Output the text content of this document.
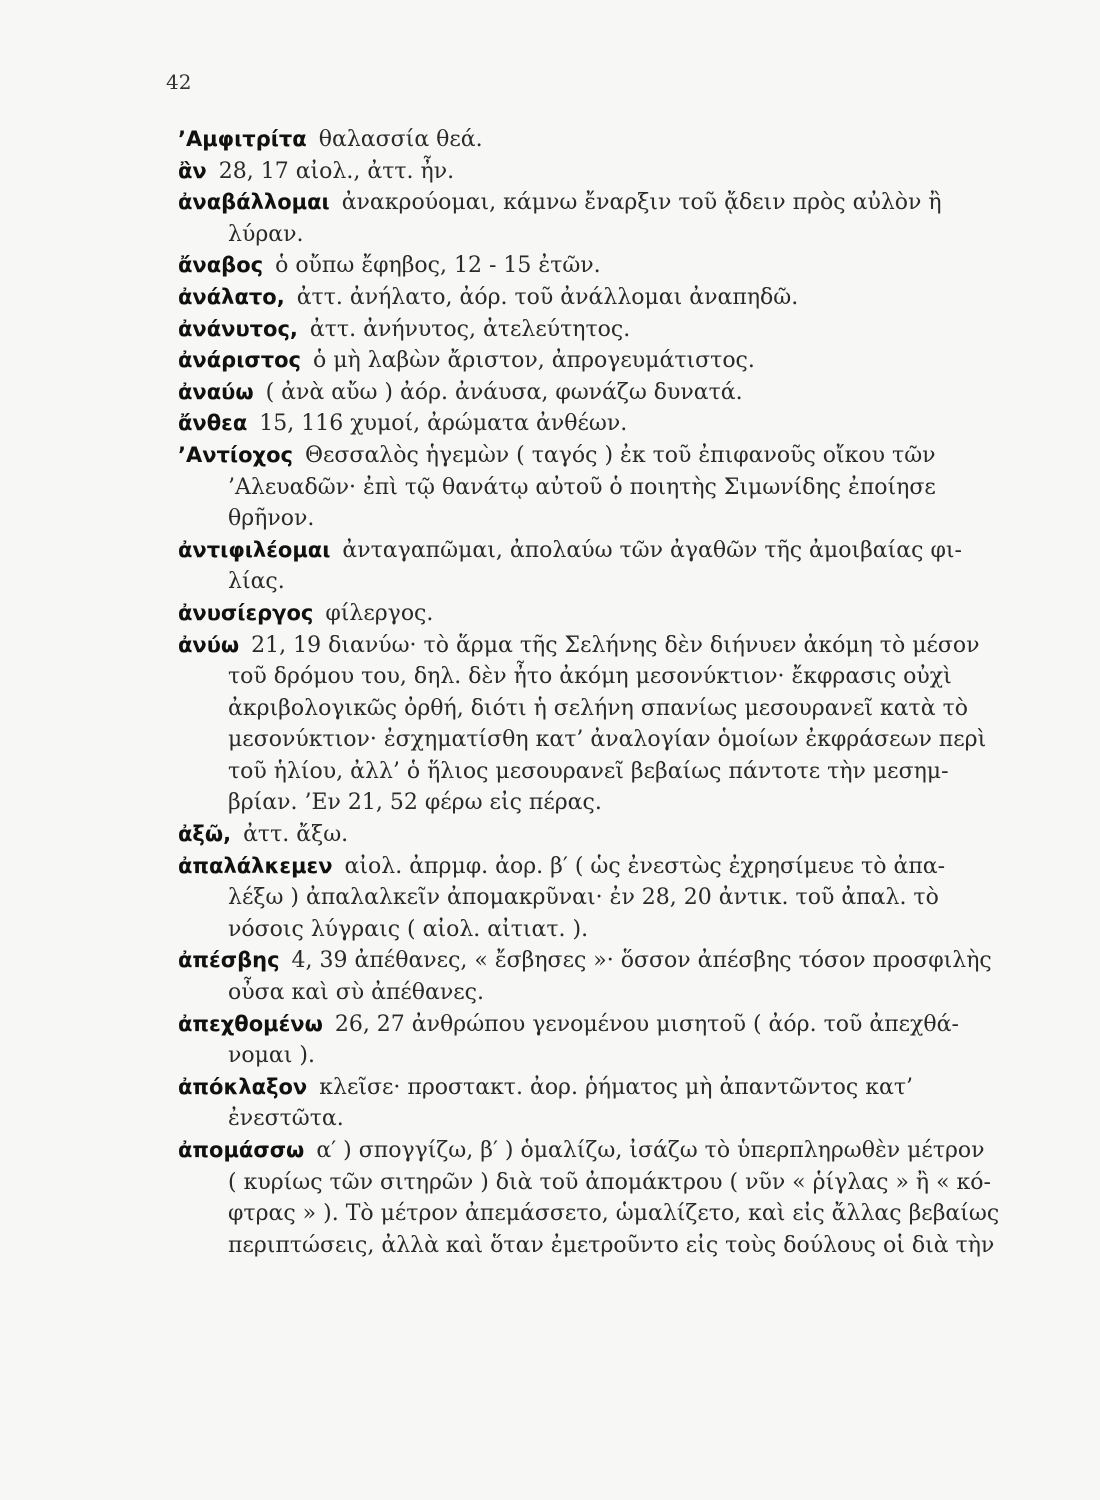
42
’Αμφιτρίτα θαλασσία θεά.
ἂν 28, 17 αἰολ., ἀττ. ἦν.
ἀναβάλλομαι ἀνακρούομαι, κάμνω ἔναρξιν τοῦ ᾄδειν πρὸς αὐλὸν ἢ
λύραν.
ἄναβος ὁ οὔπω ἔφηβος, 12 - 15 ἐτῶν.
ἀνάλατο, ἀττ. ἀνήλατο, ἀόρ. τοῦ ἀνάλλομαι ἀναπηδῶ.
ἀνάνυτος, ἀττ. ἀνήνυτος, ἀτελεύτητος.
ἀνάριστος ὁ μὴ λαβὼν ἄριστον, ἀπρογευμάτιστος.
ἀναύω ( ἀνὰ αὔω ) ἀόρ. ἀνάυσα, φωνάζω δυνατά.
ἄνθεα 15, 116 χυμοί, ἀρώματα ἀνθέων.
’Αντίοχος Θεσσαλὸς ἡγεμὼν ( ταγός ) ἐκ τοῦ ἐπιφανοῦς οἴκου τῶν
’Αλευαδῶν· ἐπὶ τῷ θανάτῳ αὐτοῦ ὁ ποιητὴς Σιμωνίδης ἐποίησε
θρῆνον.
ἀντιφιλέομαι ἀνταγαπῶμαι, ἀπολαύω τῶν ἀγαθῶν τῆς ἀμοιβαίας φι-
λίας.
ἀνυσίεργος φίλεργος.
ἀνύω 21, 19 διανύω· τὸ ἅρμα τῆς Σελήνης δὲν διήνυεν ἀκόμη τὸ μέσον
τοῦ δρόμου του, δηλ. δὲν ἦτο ἀκόμη μεσονύκτιον· ἔκφρασις οὐχὶ
ἀκριβολογικῶς ὀρθή, διότι ἡ σελήνη σπανίως μεσουρανεῖ κατὰ τὸ
μεσονύκτιον· ἐσχηματίσθη κατ’ ἀναλογίαν ὁμοίων ἐκφράσεων περὶ
τοῦ ἡλίου, ἀλλ’ ὁ ἥλιος μεσουρανεῖ βεβαίως πάντοτε τὴν μεσημ-
βρίαν. ’Εν 21, 52 φέρω εἰς πέρας.
ἀξῶ, ἀττ. ἄξω.
ἀπαλάλκεμεν αἰολ. ἀπρμφ. ἀορ. β′ ( ὡς ἐνεστὼς ἐχρησίμευε τὸ ἀπα-
λέξω ) ἀπαλαλκεῖν ἀπομακρῦναι· ἐν 28, 20 ἀντικ. τοῦ ἀπαλ. τὸ
νόσοις λύγραις ( αἰολ. αἰτιατ. ).
ἀπέσβης 4, 39 ἀπέθανες, « ἔσβησες »· ὅσσον ἀπέσβης τόσον προσφιλὴς
οὖσα καὶ σὺ ἀπέθανες.
ἀπεχθομένω 26, 27 ἀνθρώπου γενομένου μισητοῦ ( ἀόρ. τοῦ ἀπεχθά-
νομαι ).
ἀπόκλαξον κλεῖσε· προστακτ. ἀορ. ῥήματος μὴ ἀπαντῶντος κατ’
ἐνεστῶτα.
ἀπομάσσω α′ ) σπογγίζω, β′ ) ὁμαλίζω, ἰσάζω τὸ ὑπερπληρωθὲν μέτρον
( κυρίως τῶν σιτηρῶν ) διὰ τοῦ ἀπομάκτρου ( νῦν « ῥίγλας » ἢ « κό-
φτρας » ). Τὸ μέτρον ἀπεμάσσετο, ὡμαλίζετο, καὶ εἰς ἄλλας βεβαίως
περιπτώσεις, ἀλλὰ καὶ ὅταν ἐμετροῦντο εἰς τοὺς δούλους οἱ διὰ τὴν
